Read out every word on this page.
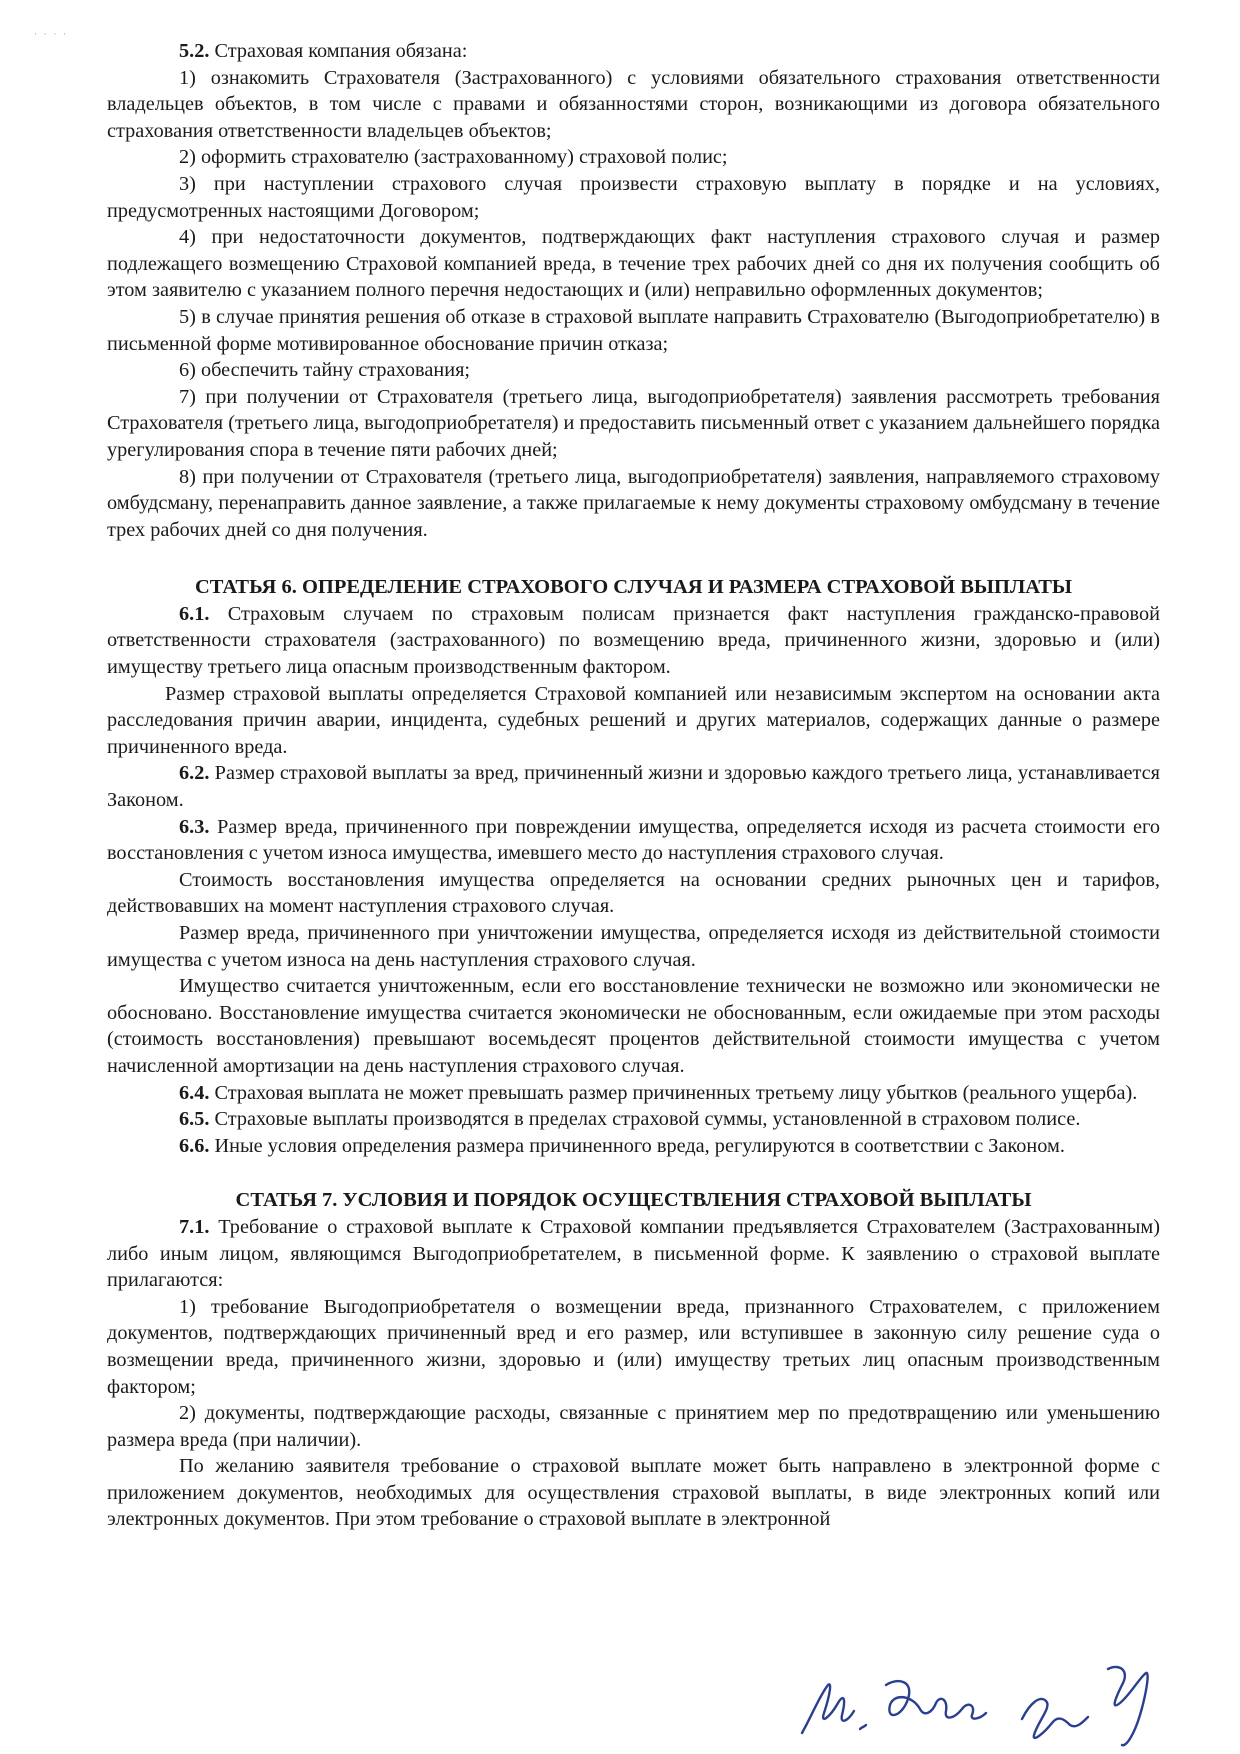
· · · ·

5.2. Страховая компания обязана:

1) ознакомить Страхователя (Застрахованного) с условиями обязательного страхования ответственности владельцев объектов, в том числе с правами и обязанностями сторон, возникающими из договора обязательного страхования ответственности владельцев объектов;

2) оформить страхователю (застрахованному) страховой полис;

3) при наступлении страхового случая произвести страховую выплату в порядке и на условиях, предусмотренных настоящими Договором;

4) при недостаточности документов, подтверждающих факт наступления страхового случая и размер подлежащего возмещению Страховой компанией вреда, в течение трех рабочих дней со дня их получения сообщить об этом заявителю с указанием полного перечня недостающих и (или) неправильно оформленных документов;

5) в случае принятия решения об отказе в страховой выплате направить Страхователю (Выгодоприобретателю) в письменной форме мотивированное обоснование причин отказа;

6) обеспечить тайну страхования;

7) при получении от Страхователя (третьего лица, выгодоприобретателя) заявления рассмотреть требования Страхователя (третьего лица, выгодоприобретателя) и предоставить письменный ответ с указанием дальнейшего порядка урегулирования спора в течение пяти рабочих дней;

8) при получении от Страхователя (третьего лица, выгодоприобретателя) заявления, направляемого страховому омбудсману, перенаправить данное заявление, а также прилагаемые к нему документы страховому омбудсману в течение трех рабочих дней со дня получения.

СТАТЬЯ 6. ОПРЕДЕЛЕНИЕ СТРАХОВОГО СЛУЧАЯ И РАЗМЕРА СТРАХОВОЙ ВЫПЛАТЫ

6.1. Страховым случаем по страховым полисам признается факт наступления гражданско-правовой ответственности страхователя (застрахованного) по возмещению вреда, причиненного жизни, здоровью и (или) имуществу третьего лица опасным производственным фактором.

Размер страховой выплаты определяется Страховой компанией или независимым экспертом на основании акта расследования причин аварии, инцидента, судебных решений и других материалов, содержащих данные о размере причиненного вреда.

6.2. Размер страховой выплаты за вред, причиненный жизни и здоровью каждого третьего лица, устанавливается Законом.

6.3. Размер вреда, причиненного при повреждении имущества, определяется исходя из расчета стоимости его восстановления с учетом износа имущества, имевшего место до наступления страхового случая.

Стоимость восстановления имущества определяется на основании средних рыночных цен и тарифов, действовавших на момент наступления страхового случая.

Размер вреда, причиненного при уничтожении имущества, определяется исходя из действительной стоимости имущества с учетом износа на день наступления страхового случая.

Имущество считается уничтоженным, если его восстановление технически не возможно или экономически не обосновано. Восстановление имущества считается экономически не обоснованным, если ожидаемые при этом расходы (стоимость восстановления) превышают восемьдесят процентов действительной стоимости имущества с учетом начисленной амортизации на день наступления страхового случая.

6.4. Страховая выплата не может превышать размер причиненных третьему лицу убытков (реального ущерба).

6.5. Страховые выплаты производятся в пределах страховой суммы, установленной в страховом полисе.

6.6. Иные условия определения размера причиненного вреда, регулируются в соответствии с Законом.

СТАТЬЯ 7. УСЛОВИЯ И ПОРЯДОК ОСУЩЕСТВЛЕНИЯ СТРАХОВОЙ ВЫПЛАТЫ

7.1. Требование о страховой выплате к Страховой компании предъявляется Страхователем (Застрахованным) либо иным лицом, являющимся Выгодоприобретателем, в письменной форме. К заявлению о страховой выплате прилагаются:

1) требование Выгодоприобретателя о возмещении вреда, признанного Страхователем, с приложением документов, подтверждающих причиненный вред и его размер, или вступившее в законную силу решение суда о возмещении вреда, причиненного жизни, здоровью и (или) имуществу третьих лиц опасным производственным фактором;

2) документы, подтверждающие расходы, связанные с принятием мер по предотвращению или уменьшению размера вреда (при наличии).

По желанию заявителя требование о страховой выплате может быть направлено в электронной форме с приложением документов, необходимых для осуществления страховой выплаты, в виде электронных копий или электронных документов. При этом требование о страховой выплате в электронной
